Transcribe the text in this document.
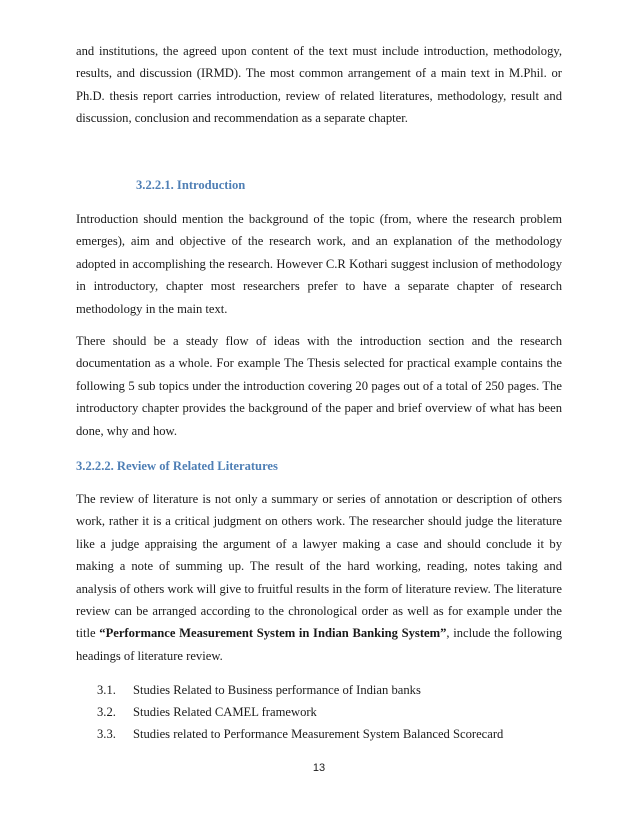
and institutions, the agreed upon content of the text must include introduction, methodology, results, and discussion (IRMD). The most common arrangement of a main text in M.Phil. or Ph.D. thesis report carries introduction, review of related literatures, methodology, result and discussion, conclusion and recommendation as a separate chapter.

3.2.2.1. Introduction

Introduction should mention the background of the topic (from, where the research problem emerges), aim and objective of the research work, and an explanation of the methodology adopted in accomplishing the research. However C.R Kothari suggest inclusion of methodology in introductory, chapter most researchers prefer to have a separate chapter of research methodology in the main text.

There should be a steady flow of ideas with the introduction section and the research documentation as a whole. For example The Thesis selected for practical example contains the following 5 sub topics under the introduction covering 20 pages out of a total of 250 pages. The introductory chapter provides the background of the paper and brief overview of what has been done, why and how.

3.2.2.2. Review of Related Literatures

The review of literature is not only a summary or series of annotation or description of others work, rather it is a critical judgment on others work. The researcher should judge the literature like a judge appraising the argument of a lawyer making a case and should conclude it by making a note of summing up. The result of the hard working, reading, notes taking and analysis of others work will give to fruitful results in the form of literature review. The literature review can be arranged according to the chronological order as well as for example under the title “Performance Measurement System in Indian Banking System”, include the following headings of literature review.

3.1. Studies Related to Business performance of Indian banks
3.2. Studies Related CAMEL framework
3.3. Studies related to Performance Measurement System Balanced Scorecard
13
